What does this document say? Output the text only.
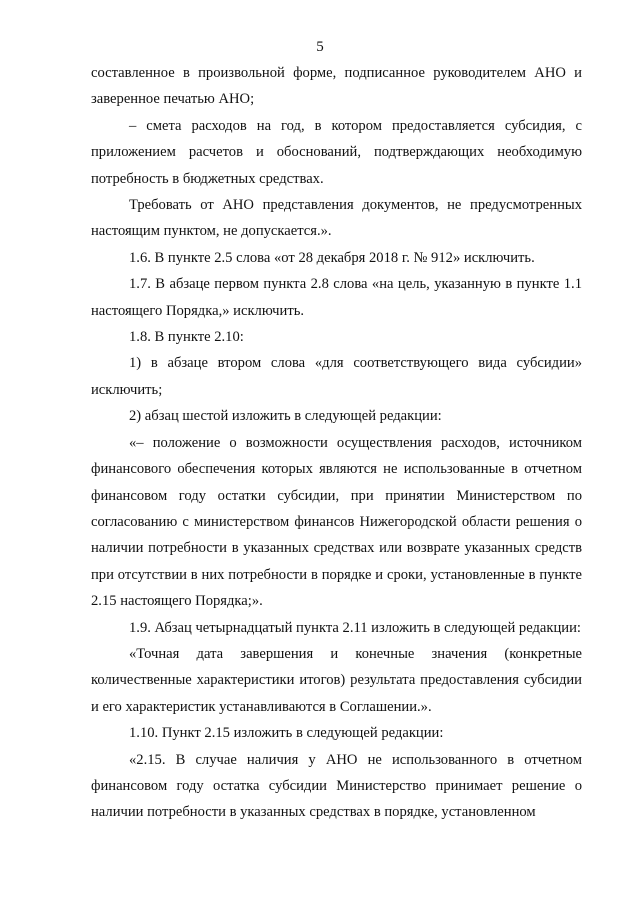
5

составленное в произвольной форме, подписанное руководителем АНО и заверенное печатью АНО;

– смета расходов на год, в котором предоставляется субсидия, с приложением расчетов и обоснований, подтверждающих необходимую потребность в бюджетных средствах.

Требовать от АНО представления документов, не предусмотренных настоящим пунктом, не допускается.».

1.6. В пункте 2.5 слова «от 28 декабря 2018 г. № 912» исключить.

1.7. В абзаце первом пункта 2.8 слова «на цель, указанную в пункте 1.1 настоящего Порядка,» исключить.

1.8. В пункте 2.10:

1) в абзаце втором слова «для соответствующего вида субсидии» исключить;

2) абзац шестой изложить в следующей редакции:

«– положение о возможности осуществления расходов, источником финансового обеспечения которых являются не использованные в отчетном финансовом году остатки субсидии, при принятии Министерством по согласованию с министерством финансов Нижегородской области решения о наличии потребности в указанных средствах или возврате указанных средств при отсутствии в них потребности в порядке и сроки, установленные в пункте 2.15 настоящего Порядка;».

1.9. Абзац четырнадцатый пункта 2.11 изложить в следующей редакции:

«Точная дата завершения и конечные значения (конкретные количественные характеристики итогов) результата предоставления субсидии и его характеристик устанавливаются в Соглашении.».

1.10. Пункт 2.15 изложить в следующей редакции:

«2.15. В случае наличия у АНО не использованного в отчетном финансовом году остатка субсидии Министерство принимает решение о наличии потребности в указанных средствах в порядке, установленном
